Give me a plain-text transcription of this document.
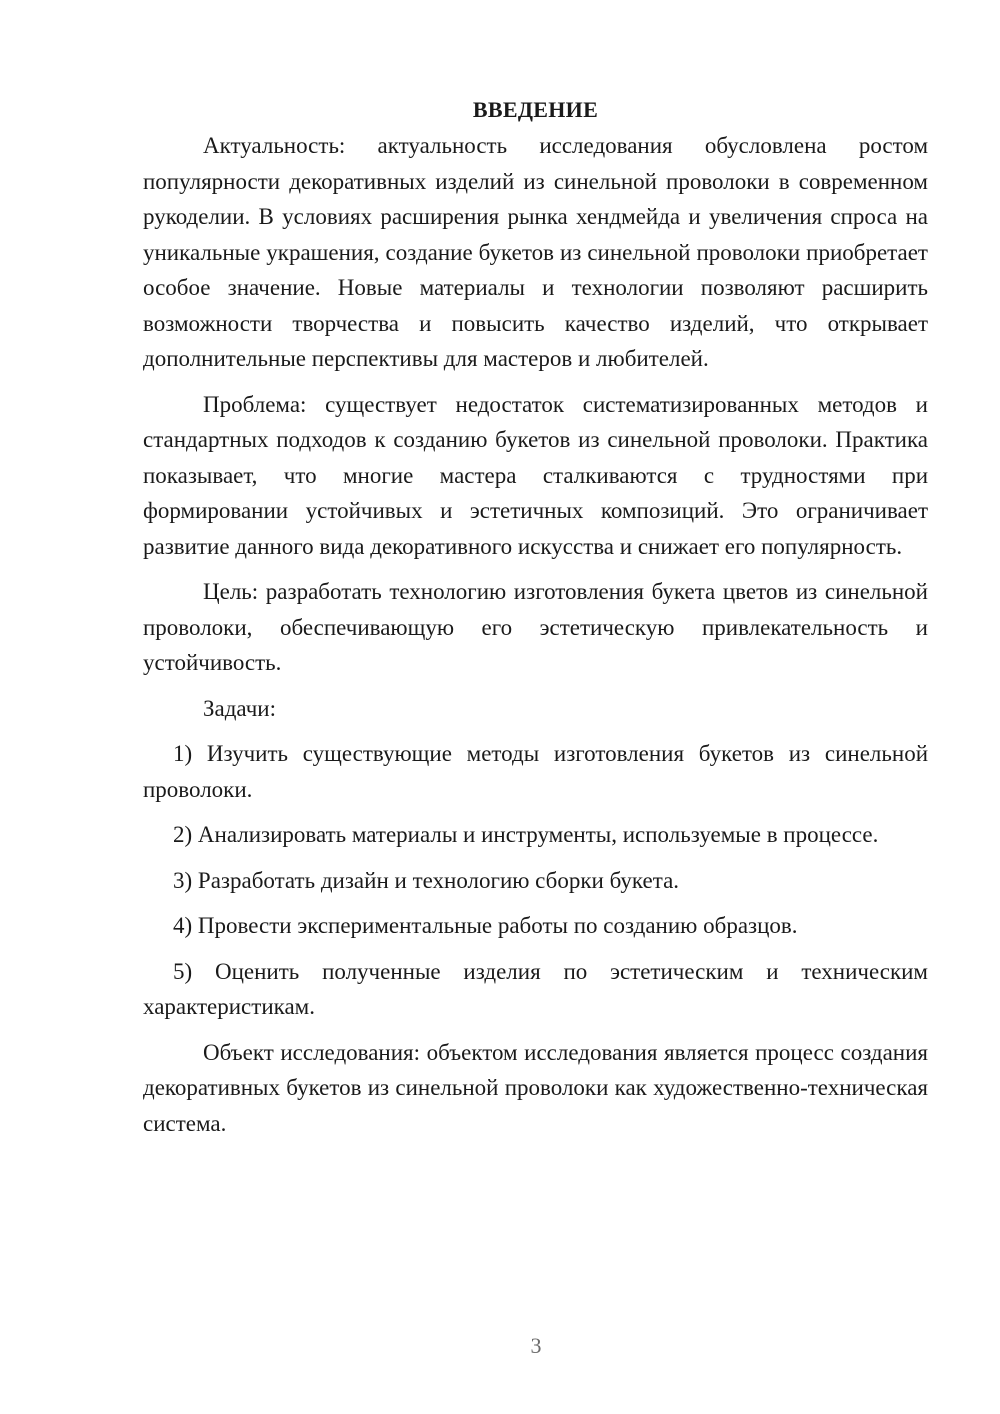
ВВЕДЕНИЕ

Актуальность: актуальность исследования обусловлена ростом популярности декоративных изделий из синельной проволоки в современном рукоделии. В условиях расширения рынка хендмейда и увеличения спроса на уникальные украшения, создание букетов из синельной проволоки приобретает особое значение. Новые материалы и технологии позволяют расширить возможности творчества и повысить качество изделий, что открывает дополнительные перспективы для мастеров и любителей.

Проблема: существует недостаток систематизированных методов и стандартных подходов к созданию букетов из синельной проволоки. Практика показывает, что многие мастера сталкиваются с трудностями при формировании устойчивых и эстетичных композиций. Это ограничивает развитие данного вида декоративного искусства и снижает его популярность.

Цель: разработать технологию изготовления букета цветов из синельной проволоки, обеспечивающую его эстетическую привлекательность и устойчивость.

Задачи:

1) Изучить существующие методы изготовления букетов из синельной проволоки.

2) Анализировать материалы и инструменты, используемые в процессе.

3) Разработать дизайн и технологию сборки букета.

4) Провести экспериментальные работы по созданию образцов.

5) Оценить полученные изделия по эстетическим и техническим характеристикам.

Объект исследования: объектом исследования является процесс создания декоративных букетов из синельной проволоки как художественно-техническая система.

3
